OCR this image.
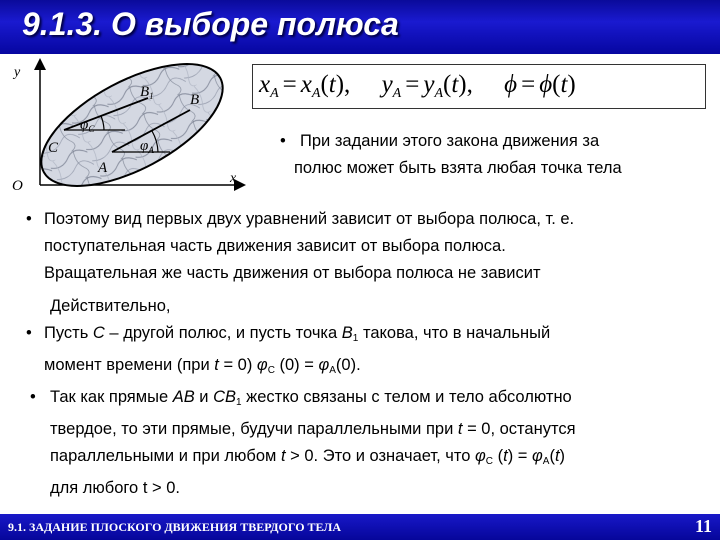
9.1.3. О выборе полюса
y
x
O
$B_1$ B
C
A
$\varphi_C$
$\varphi_A$
$x_A = x_A(t)$, $y_A = y_A(t)$, ϕ = ϕ(t)
• При задании этого закона движения за
полюс может быть взята любая точка тела
• Поэтому вид первых двух уравнений зависит от выбора полюса, т. е.
поступательная часть движения зависит от выбора полюса.
Вращательная же часть движения от выбора полюса не зависит
Действительно,
• Пусть C – другой полюс, и пусть точка B1 такова, что в начальный
момент времени (при t = 0) φC (0) = φA(0).
• Так как прямые AB и CB1 жестко связаны с телом и тело абсолютно
твердое, то эти прямые, будучи параллельными при t = 0, останутся
параллельными и при любом t > 0. Это и означает, что φC (t) = φA(t)
для любого t > 0.
9.1. ЗАДАНИЕ ПЛОСКОГО ДВИЖЕНИЯ ТВЕРДОГО ТЕЛА	11
